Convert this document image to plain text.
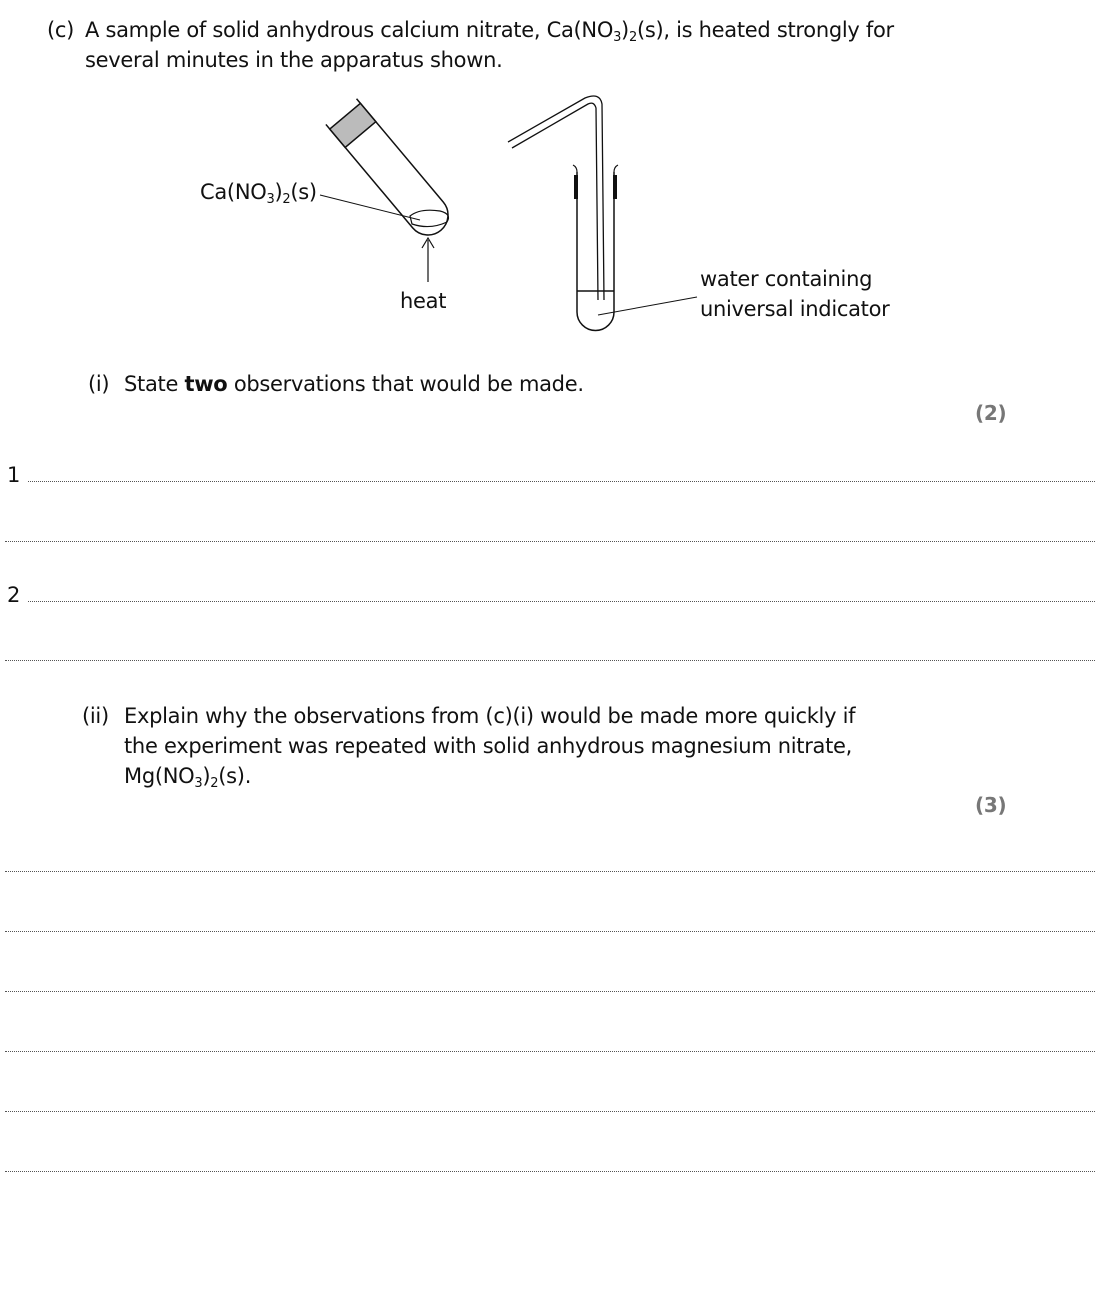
(c) A sample of solid anhydrous calcium nitrate, $Ca(NO_3)_2(s)$, is heated strongly for
several minutes in the apparatus shown.
$Ca(NO_3)_2(s)$
heat
water containing
universal indicator
(i) State two observations that would be made.
(2)
1
2
(ii) Explain why the observations from (c)(i) would be made more quickly if
the experiment was repeated with solid anhydrous magnesium nitrate,
$Mg(NO_3)_2(s)$.
(3)
